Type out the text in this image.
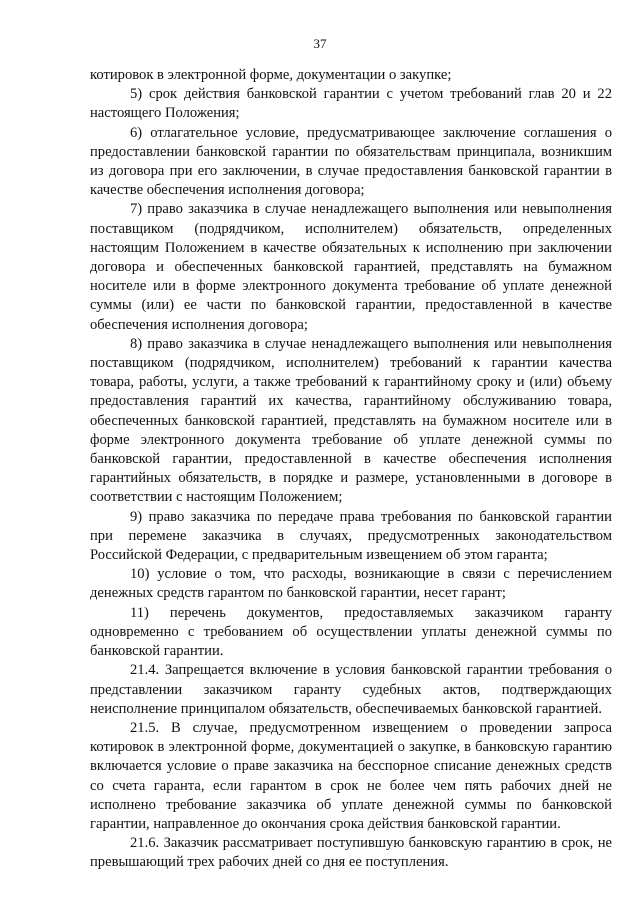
37

котировок в электронной форме, документации о закупке;

5) срок действия банковской гарантии с учетом требований глав 20 и 22 настоящего Положения;

6) отлагательное условие, предусматривающее заключение соглашения о предоставлении банковской гарантии по обязательствам принципала, возникшим из договора при его заключении, в случае предоставления банковской гарантии в качестве обеспечения исполнения договора;

7) право заказчика в случае ненадлежащего выполнения или невыполнения поставщиком (подрядчиком, исполнителем) обязательств, определенных настоящим Положением в качестве обязательных к исполнению при заключении договора и обеспеченных банковской гарантией, представлять на бумажном носителе или в форме электронного документа требование об уплате денежной суммы (или) ее части по банковской гарантии, предоставленной в качестве обеспечения исполнения договора;

8) право заказчика в случае ненадлежащего выполнения или невыполнения поставщиком (подрядчиком, исполнителем) требований к гарантии качества товара, работы, услуги, а также требований к гарантийному сроку и (или) объему предоставления гарантий их качества, гарантийному обслуживанию товара, обеспеченных банковской гарантией, представлять на бумажном носителе или в форме электронного документа требование об уплате денежной суммы по банковской гарантии, предоставленной в качестве обеспечения исполнения гарантийных обязательств, в порядке и размере, установленными в договоре в соответствии с настоящим Положением;

9) право заказчика по передаче права требования по банковской гарантии при перемене заказчика в случаях, предусмотренных законодательством Российской Федерации, с предварительным извещением об этом гаранта;

10) условие о том, что расходы, возникающие в связи с перечислением денежных средств гарантом по банковской гарантии, несет гарант;

11) перечень документов, предоставляемых заказчиком гаранту одновременно с требованием об осуществлении уплаты денежной суммы по банковской гарантии.

21.4. Запрещается включение в условия банковской гарантии требования о представлении заказчиком гаранту судебных актов, подтверждающих неисполнение принципалом обязательств, обеспечиваемых банковской гарантией.

21.5. В случае, предусмотренном извещением о проведении запроса котировок в электронной форме, документацией о закупке, в банковскую гарантию включается условие о праве заказчика на бесспорное списание денежных средств со счета гаранта, если гарантом в срок не более чем пять рабочих дней не исполнено требование заказчика об уплате денежной суммы по банковской гарантии, направленное до окончания срока действия банковской гарантии.

21.6. Заказчик рассматривает поступившую банковскую гарантию в срок, не превышающий трех рабочих дней со дня ее поступления.
